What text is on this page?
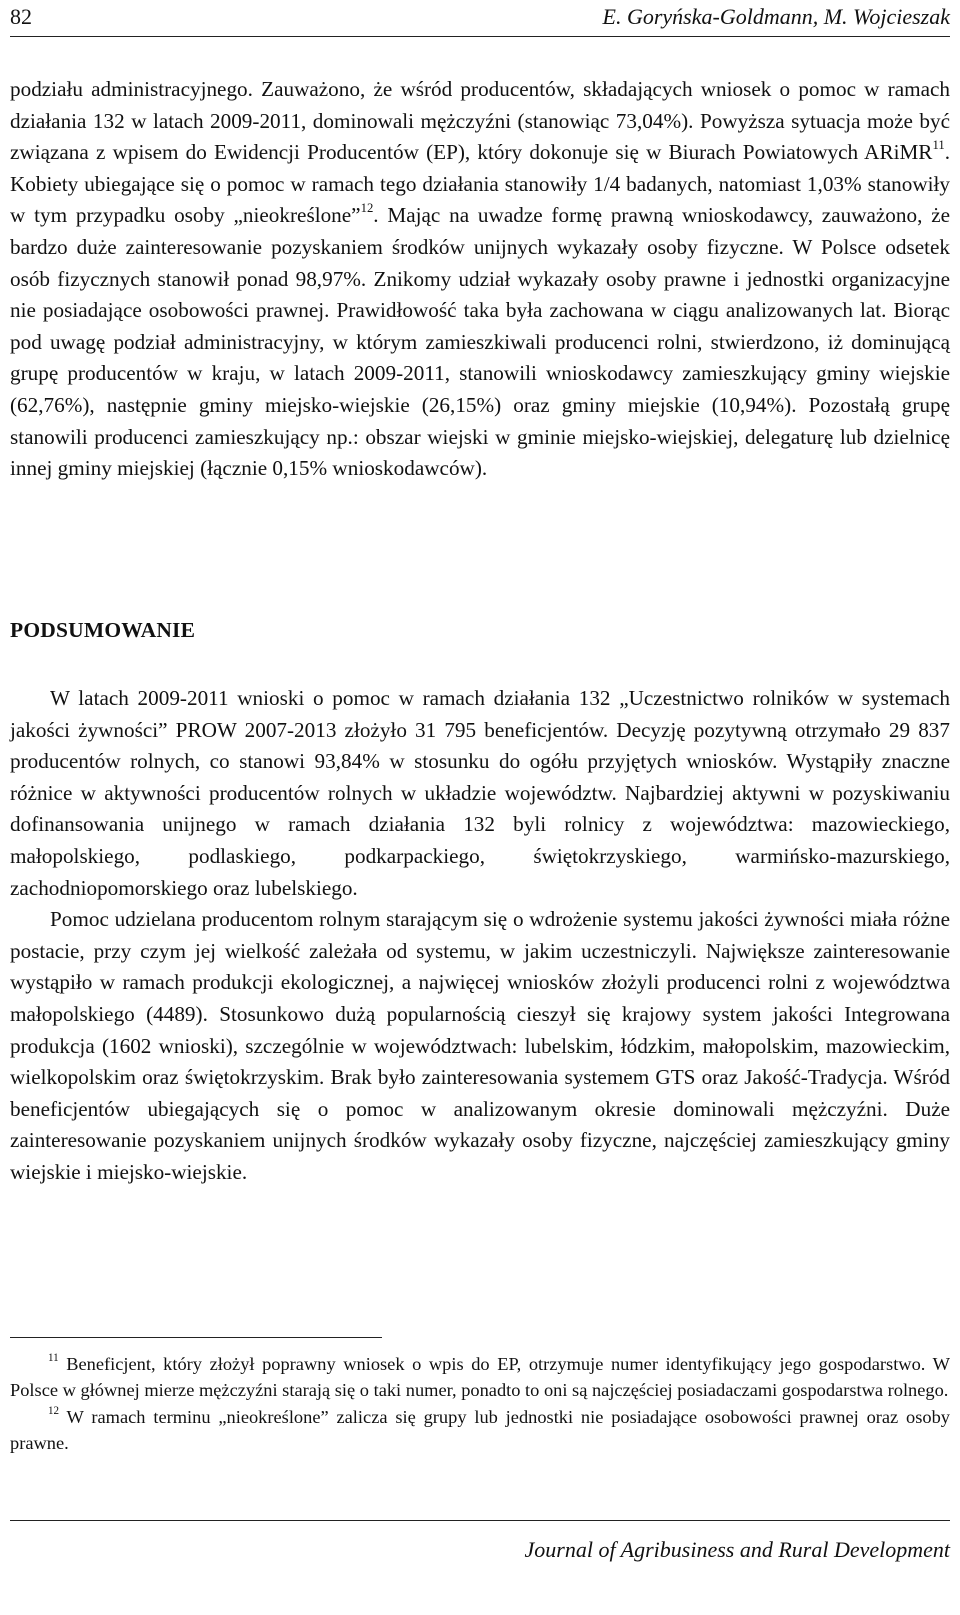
82	E. Goryńska-Goldmann, M. Wojcieszak

podziału administracyjnego. Zauważono, że wśród producentów, składających wniosek o pomoc w ramach działania 132 w latach 2009-2011, dominowali mężczyźni (stanowiąc 73,04%). Powyższa sytuacja może być związana z wpisem do Ewidencji Producentów (EP), który dokonuje się w Biurach Powiatowych ARiMR$^{11}$. Kobiety ubiegające się o pomoc w ramach tego działania stanowiły 1/4 badanych, natomiast 1,03% stanowiły w tym przypadku osoby „nieokreślone”$^{12}$. Mając na uwadze formę prawną wnioskodawcy, zauważono, że bardzo duże zainteresowanie pozyskaniem środków unijnych wykazały osoby fizyczne. W Polsce odsetek osób fizycznych stanowił ponad 98,97%. Znikomy udział wykazały osoby prawne i jednostki organizacyjne nie posiadające osobowości prawnej. Prawidłowość taka była zachowana w ciągu analizowanych lat. Biorąc pod uwagę podział administracyjny, w którym zamieszkiwali producenci rolni, stwierdzono, iż dominującą grupę producentów w kraju, w latach 2009-2011, stanowili wnioskodawcy zamieszkujący gminy wiejskie (62,76%), następnie gminy miejsko-wiejskie (26,15%) oraz gminy miejskie (10,94%). Pozostałą grupę stanowili producenci zamieszkujący np.: obszar wiejski w gminie miejsko-wiejskiej, delegaturę lub dzielnicę innej gminy miejskiej (łącznie 0,15% wnioskodawców).

PODSUMOWANIE

W latach 2009-2011 wnioski o pomoc w ramach działania 132 „Uczestnictwo rolników w systemach jakości żywności” PROW 2007-2013 złożyło 31 795 beneficjentów. Decyzję pozytywną otrzymało 29 837 producentów rolnych, co stanowi 93,84% w stosunku do ogółu przyjętych wniosków. Wystąpiły znaczne różnice w aktywności producentów rolnych w układzie województw. Najbardziej aktywni w pozyskiwaniu dofinansowania unijnego w ramach działania 132 byli rolnicy z województwa: mazowieckiego, małopolskiego, podlaskiego, podkarpackiego, świętokrzyskiego, warmińsko-mazurskiego, zachodniopomorskiego oraz lubelskiego.

Pomoc udzielana producentom rolnym starającym się o wdrożenie systemu jakości żywności miała różne postacie, przy czym jej wielkość zależała od systemu, w jakim uczestniczyli. Największe zainteresowanie wystąpiło w ramach produkcji ekologicznej, a najwięcej wniosków złożyli producenci rolni z województwa małopolskiego (4489). Stosunkowo dużą popularnością cieszył się krajowy system jakości Integrowana produkcja (1602 wnioski), szczególnie w województwach: lubelskim, łódzkim, małopolskim, mazowieckim, wielkopolskim oraz świętokrzyskim. Brak było zainteresowania systemem GTS oraz Jakość-Tradycja. Wśród beneficjentów ubiegających się o pomoc w analizowanym okresie dominowali mężczyźni. Duże zainteresowanie pozyskaniem unijnych środków wykazały osoby fizyczne, najczęściej zamieszkujący gminy wiejskie i miejsko-wiejskie.

$^{11}$ Beneficjent, który złożył poprawny wniosek o wpis do EP, otrzymuje numer identyfikujący jego gospodarstwo. W Polsce w głównej mierze mężczyźni starają się o taki numer, ponadto to oni są najczęściej posiadaczami gospodarstwa rolnego.

$^{12}$ W ramach terminu „nieokreślone” zalicza się grupy lub jednostki nie posiadające osobowości prawnej oraz osoby prawne.

Journal of Agribusiness and Rural Development
